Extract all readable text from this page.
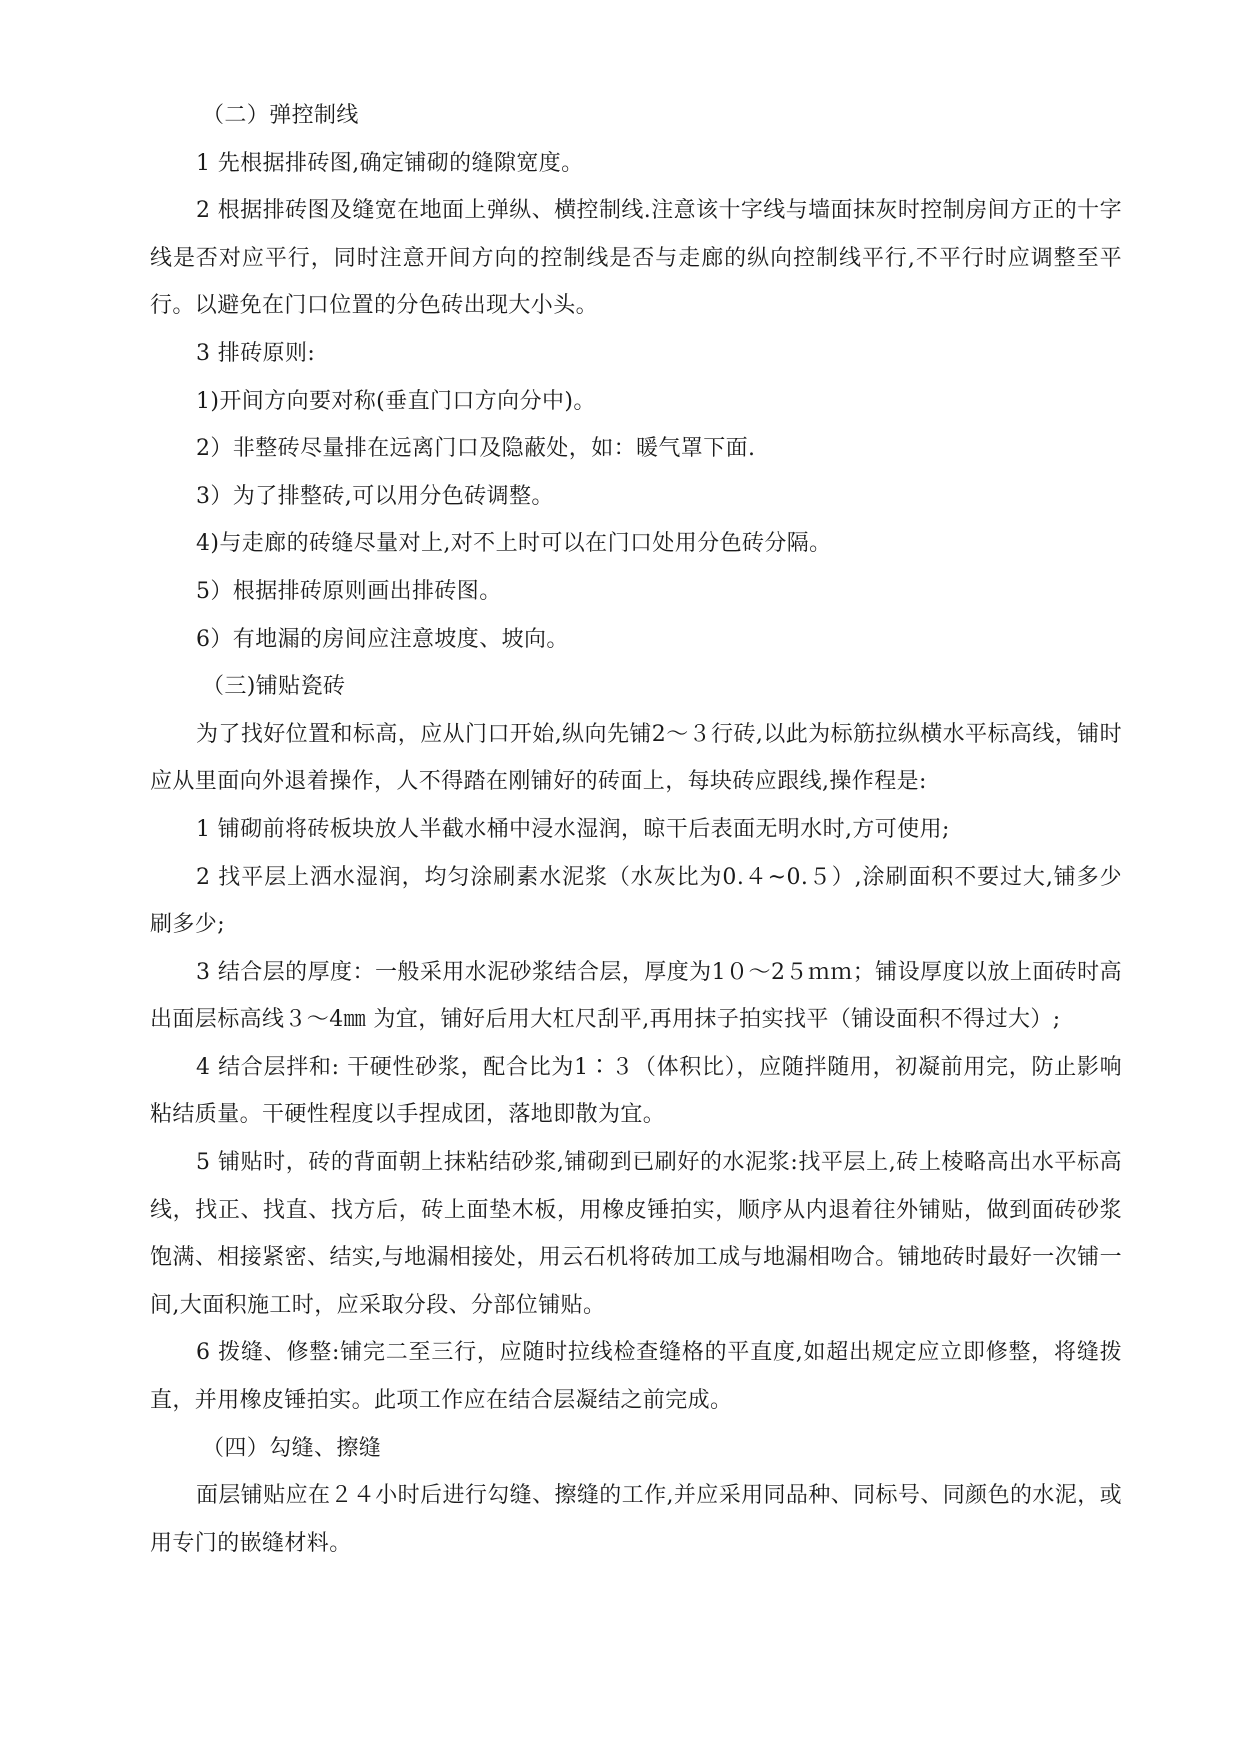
（二）弹控制线

1 先根据排砖图,确定铺砌的缝隙宽度。

2 根据排砖图及缝宽在地面上弹纵、横控制线.注意该十字线与墙面抹灰时控制房间方正的十字线是否对应平行，同时注意开间方向的控制线是否与走廊的纵向控制线平行,不平行时应调整至平行。以避免在门口位置的分色砖出现大小头。

3 排砖原则:

1)开间方向要对称(垂直门口方向分中)。

2）非整砖尽量排在远离门口及隐蔽处，如：暖气罩下面.

3）为了排整砖,可以用分色砖调整。

4)与走廊的砖缝尽量对上,对不上时可以在门口处用分色砖分隔。

5）根据排砖原则画出排砖图。

6）有地漏的房间应注意坡度、坡向。

（三)铺贴瓷砖

为了找好位置和标高，应从门口开始,纵向先铺2～３行砖,以此为标筋拉纵横水平标高线，铺时应从里面向外退着操作，人不得踏在刚铺好的砖面上，每块砖应跟线,操作程是:

1 铺砌前将砖板块放人半截水桶中浸水湿润，晾干后表面无明水时,方可使用;

2 找平层上洒水湿润，均匀涂刷素水泥浆（水灰比为0.４~0.５）,涂刷面积不要过大,铺多少刷多少;

3 结合层的厚度：一般采用水泥砂浆结合层，厚度为1０～2５ｍｍ；铺设厚度以放上面砖时高出面层标高线３～4㎜ 为宜，铺好后用大杠尺刮平,再用抹子拍实找平（铺设面积不得过大）;

4 结合层拌和: 干硬性砂浆，配合比为1∶３（体积比），应随拌随用，初凝前用完，防止影响粘结质量。干硬性程度以手捏成团，落地即散为宜。

5 铺贴时，砖的背面朝上抹粘结砂浆,铺砌到已刷好的水泥浆:找平层上,砖上棱略高出水平标高线，找正、找直、找方后，砖上面垫木板，用橡皮锤拍实，顺序从内退着往外铺贴，做到面砖砂浆饱满、相接紧密、结实,与地漏相接处，用云石机将砖加工成与地漏相吻合。铺地砖时最好一次铺一间,大面积施工时，应采取分段、分部位铺贴。

6 拨缝、修整:铺完二至三行，应随时拉线检查缝格的平直度,如超出规定应立即修整，将缝拨直，并用橡皮锤拍实。此项工作应在结合层凝结之前完成。

（四）勾缝、擦缝

面层铺贴应在２４小时后进行勾缝、擦缝的工作,并应采用同品种、同标号、同颜色的水泥，或用专门的嵌缝材料。
